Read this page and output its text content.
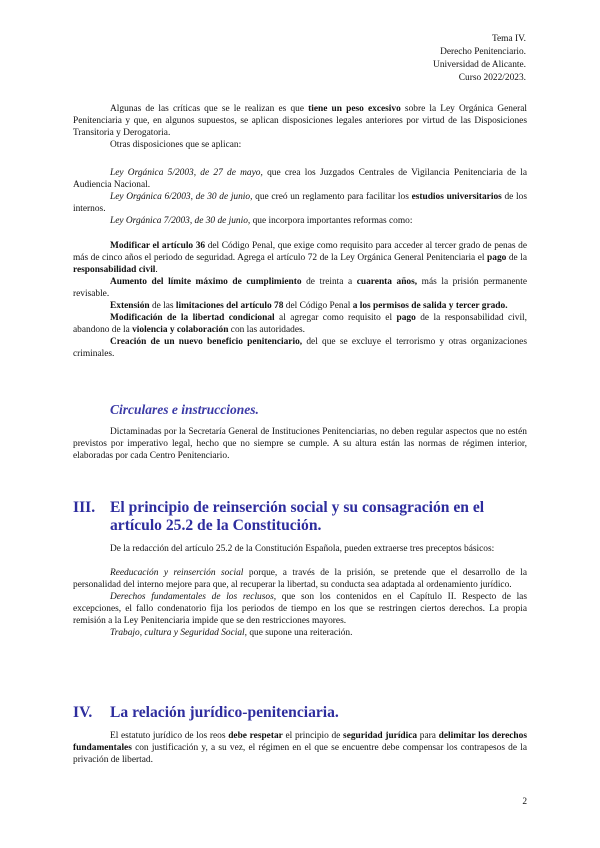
Tema IV.
Derecho Penitenciario.
Universidad de Alicante.
Curso 2022/2023.

Algunas de las críticas que se le realizan es que tiene un peso excesivo sobre la Ley Orgánica General Penitenciaria y que, en algunos supuestos, se aplican disposiciones legales anteriores por virtud de las Disposiciones Transitoria y Derogatoria.

Otras disposiciones que se aplican:

Ley Orgánica 5/2003, de 27 de mayo, que crea los Juzgados Centrales de Vigilancia Penitenciaria de la Audiencia Nacional.

Ley Orgánica 6/2003, de 30 de junio, que creó un reglamento para facilitar los estudios universitarios de los internos.

Ley Orgánica 7/2003, de 30 de junio, que incorpora importantes reformas como:

Modificar el artículo 36 del Código Penal, que exige como requisito para acceder al tercer grado de penas de más de cinco años el periodo de seguridad. Agrega el artículo 72 de la Ley Orgánica General Penitenciaria el pago de la responsabilidad civil.

Aumento del límite máximo de cumplimiento de treinta a cuarenta años, más la prisión permanente revisable.

Extensión de las limitaciones del artículo 78 del Código Penal a los permisos de salida y tercer grado.

Modificación de la libertad condicional al agregar como requisito el pago de la responsabilidad civil, abandono de la violencia y colaboración con las autoridades.

Creación de un nuevo beneficio penitenciario, del que se excluye el terrorismo y otras organizaciones criminales.

Circulares e instrucciones.

Dictaminadas por la Secretaría General de Instituciones Penitenciarias, no deben regular aspectos que no estén previstos por imperativo legal, hecho que no siempre se cumple. A su altura están las normas de régimen interior, elaboradas por cada Centro Penitenciario.

III. El principio de reinserción social y su consagración en el artículo 25.2 de la Constitución.

De la redacción del artículo 25.2 de la Constitución Española, pueden extraerse tres preceptos básicos:

Reeducación y reinserción social porque, a través de la prisión, se pretende que el desarrollo de la personalidad del interno mejore para que, al recuperar la libertad, su conducta sea adaptada al ordenamiento jurídico.

Derechos fundamentales de los reclusos, que son los contenidos en el Capítulo II. Respecto de las excepciones, el fallo condenatorio fija los periodos de tiempo en los que se restringen ciertos derechos. La propia remisión a la Ley Penitenciaria impide que se den restricciones mayores.

Trabajo, cultura y Seguridad Social, que supone una reiteración.

IV.	La relación jurídico-penitenciaria.

El estatuto jurídico de los reos debe respetar el principio de seguridad jurídica para delimitar los derechos fundamentales con justificación y, a su vez, el régimen en el que se encuentre debe compensar los contrapesos de la privación de libertad.

2
